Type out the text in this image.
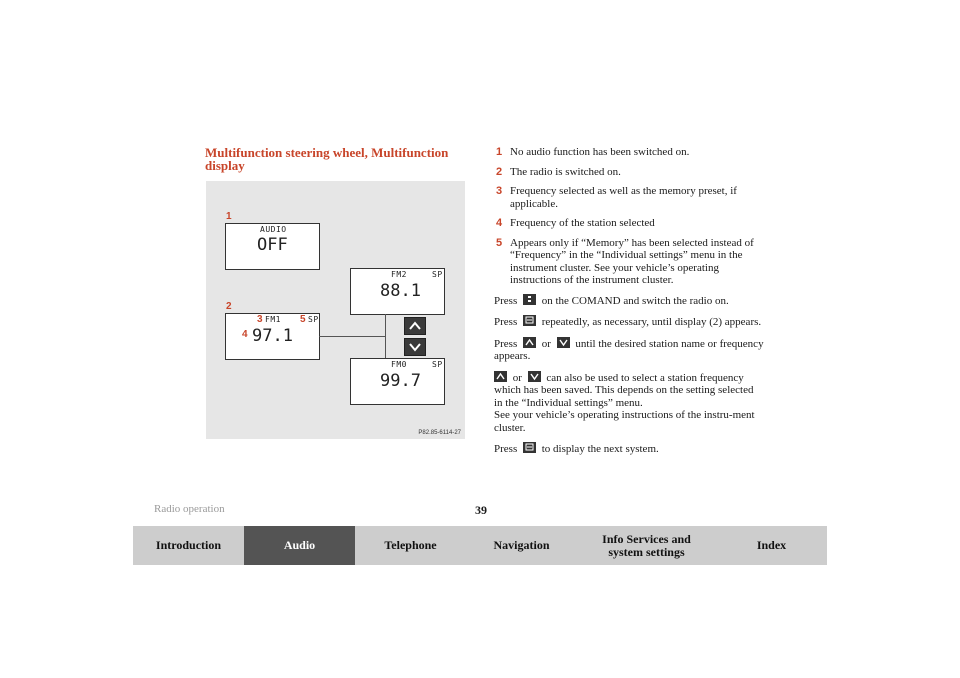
Multifunction steering wheel, Multifunction display
1
AUDIO
OFF
FM2	SP
88.1
2
3 FM1 5 SP
4 97.1
FM0	SP
99.7
P82.85-6114-27
1 No audio function has been switched on.
2 The radio is switched on.
3 Frequency selected as well as the memory preset, if applicable.
4 Frequency of the station selected
5 Appears only if “Memory” has been selected instead of “Frequency” in the “Individual settings” menu in the instrument cluster. See your vehicle’s operating instructions of the instrument cluster.

Press on the COMAND and switch the radio on.

Press repeatedly, as necessary, until display (2) appears.

Press or until the desired station name or frequency appears.

or can also be used to select a station frequency which has been saved. This depends on the setting selected in the “Individual settings” menu.
See your vehicle’s operating instructions of the instru-ment cluster.

Press to display the next system.

Radio operation	39
Introduction	Audio	Telephone	Navigation	Info Services and system settings	Index
